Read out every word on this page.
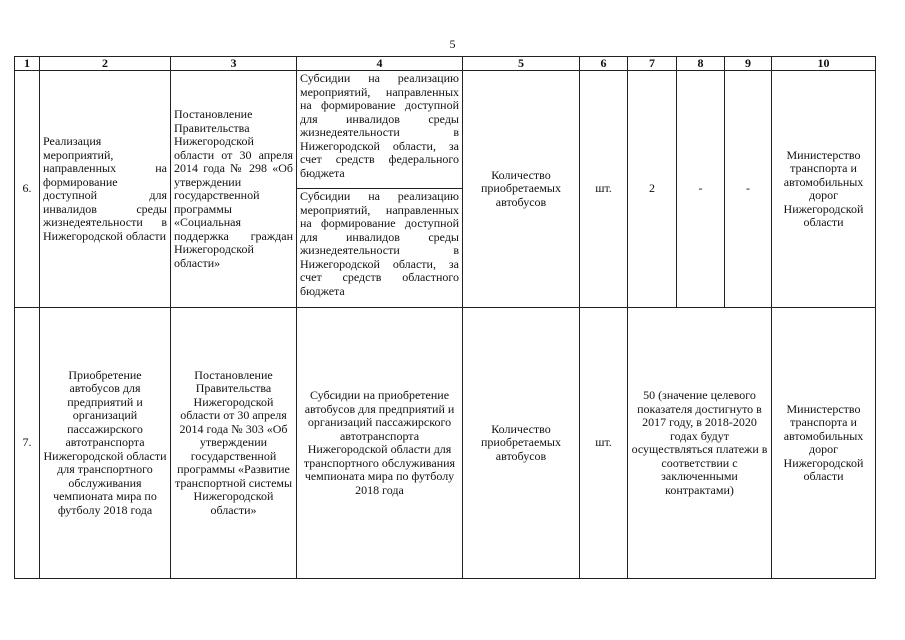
5
1	2	3	4	5	6	7	8	9	10
6.	Реализация мероприятий, направленных на формирование доступной для инвалидов среды жизнедеятельности в Нижегородской области	Постановление Правительства Нижегородской области от 30 апреля 2014 года № 298 «Об утверждении государственной программы «Социальная поддержка граждан Нижегородской области»	Субсидии на реализацию мероприятий, направленных на формирование доступной для инвалидов среды жизнедеятельности в Нижегородской области, за счет средств федерального бюджета	Количество приобретаемых автобусов	шт.	2	-	-	Министерство транспорта и автомобильных дорог Нижегородской области
			Субсидии на реализацию мероприятий, направленных на формирование доступной для инвалидов среды жизнедеятельности в Нижегородской области, за счет средств областного бюджета						
7.	Приобретение автобусов для предприятий и организаций пассажирского автотранспорта Нижегородской области для транспортного обслуживания чемпионата мира по футболу 2018 года	Постановление Правительства Нижегородской области от 30 апреля 2014 года № 303 «Об утверждении государственной программы «Развитие транспортной системы Нижегородской области»	Субсидии на приобретение автобусов для предприятий и организаций пассажирского автотранспорта Нижегородской области для транспортного обслуживания чемпионата мира по футболу 2018 года	Количество приобретаемых автобусов	шт.	50 (значение целевого показателя достигнуто в 2017 году, в 2018-2020 годах будут осуществляться платежи в соответствии с заключенными контрактами)			Министерство транспорта и автомобильных дорог Нижегородской области
